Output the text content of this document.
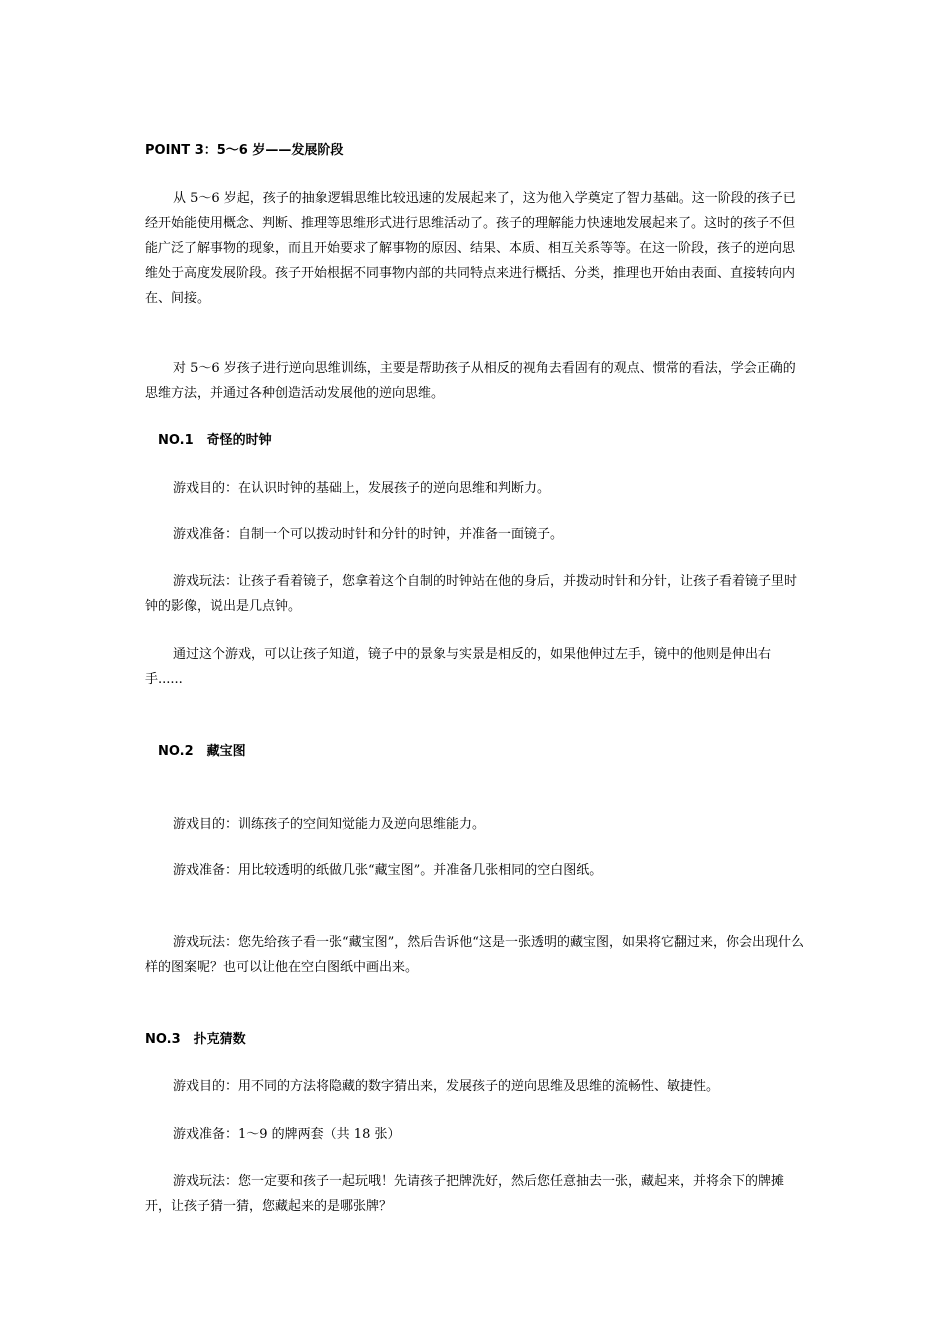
POINT 3：5～6 岁——发展阶段
从 5～6 岁起，孩子的抽象逻辑思维比较迅速的发展起来了，这为他入学奠定了智力基础。这一阶段的孩子已经开始能使用概念、判断、推理等思维形式进行思维活动了。孩子的理解能力快速地发展起来了。这时的孩子不但能广泛了解事物的现象，而且开始要求了解事物的原因、结果、本质、相互关系等等。在这一阶段，孩子的逆向思维处于高度发展阶段。孩子开始根据不同事物内部的共同特点来进行概括、分类，推理也开始由表面、直接转向内在、间接。
对 5～6 岁孩子进行逆向思维训练，主要是帮助孩子从相反的视角去看固有的观点、惯常的看法，学会正确的思维方法，并通过各种创造活动发展他的逆向思维。
NO.1　奇怪的时钟
游戏目的：在认识时钟的基础上，发展孩子的逆向思维和判断力。
游戏准备：自制一个可以拨动时针和分针的时钟，并准备一面镜子。
游戏玩法：让孩子看着镜子，您拿着这个自制的时钟站在他的身后，并拨动时针和分针，让孩子看着镜子里时钟的影像，说出是几点钟。
通过这个游戏，可以让孩子知道，镜子中的景象与实景是相反的，如果他伸过左手，镜中的他则是伸出右手......
NO.2　藏宝图
游戏目的：训练孩子的空间知觉能力及逆向思维能力。
游戏准备：用比较透明的纸做几张“藏宝图”。并准备几张相同的空白图纸。
游戏玩法：您先给孩子看一张“藏宝图”，然后告诉他“这是一张透明的藏宝图，如果将它翻过来，你会出现什么样的图案呢？也可以让他在空白图纸中画出来。
NO.3　扑克猜数
游戏目的：用不同的方法将隐藏的数字猜出来，发展孩子的逆向思维及思维的流畅性、敏捷性。
游戏准备：1～9 的牌两套（共 18 张）
游戏玩法：您一定要和孩子一起玩哦！先请孩子把牌洗好，然后您任意抽去一张，藏起来，并将余下的牌摊开，让孩子猜一猜，您藏起来的是哪张牌？
